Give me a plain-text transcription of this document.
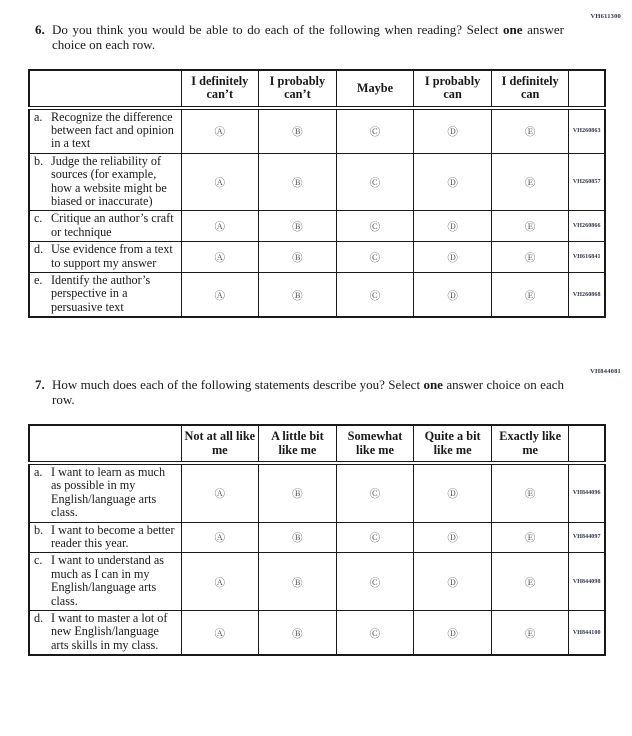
VH611300
6. Do you think you would be able to do each of the following when reading? Select one answer choice on each row.
	I definitely can’t	I probably can’t	Maybe	I probably can	I definitely can	

a. Recognize the difference between fact and opinion in a text	Ⓐ	Ⓑ	Ⓒ	Ⓓ	Ⓔ	VH260863

b. Judge the reliability of sources (for example, how a website might be biased or inaccurate)	Ⓐ	Ⓑ	Ⓒ	Ⓓ	Ⓔ	VH260857

c. Critique an author’s craft or technique	Ⓐ	Ⓑ	Ⓒ	Ⓓ	Ⓔ	VH260866

d. Use evidence from a text to support my answer	Ⓐ	Ⓑ	Ⓒ	Ⓓ	Ⓔ	VH616841

e. Identify the author’s perspective in a persuasive text	Ⓐ	Ⓑ	Ⓒ	Ⓓ	Ⓔ	VH260868
VH844081
7. How much does each of the following statements describe you? Select one answer choice on each row.
	Not at all like me	A little bit like me	Somewhat like me	Quite a bit like me	Exactly like me	

a. I want to learn as much as possible in my English/language arts class.	Ⓐ	Ⓑ	Ⓒ	Ⓓ	Ⓔ	VH844096

b. I want to become a better reader this year.	Ⓐ	Ⓑ	Ⓒ	Ⓓ	Ⓔ	VH844097

c. I want to understand as much as I can in my English/language arts class.	Ⓐ	Ⓑ	Ⓒ	Ⓓ	Ⓔ	VH844098

d. I want to master a lot of new English/language arts skills in my class.	Ⓐ	Ⓑ	Ⓒ	Ⓓ	Ⓔ	VH844100
